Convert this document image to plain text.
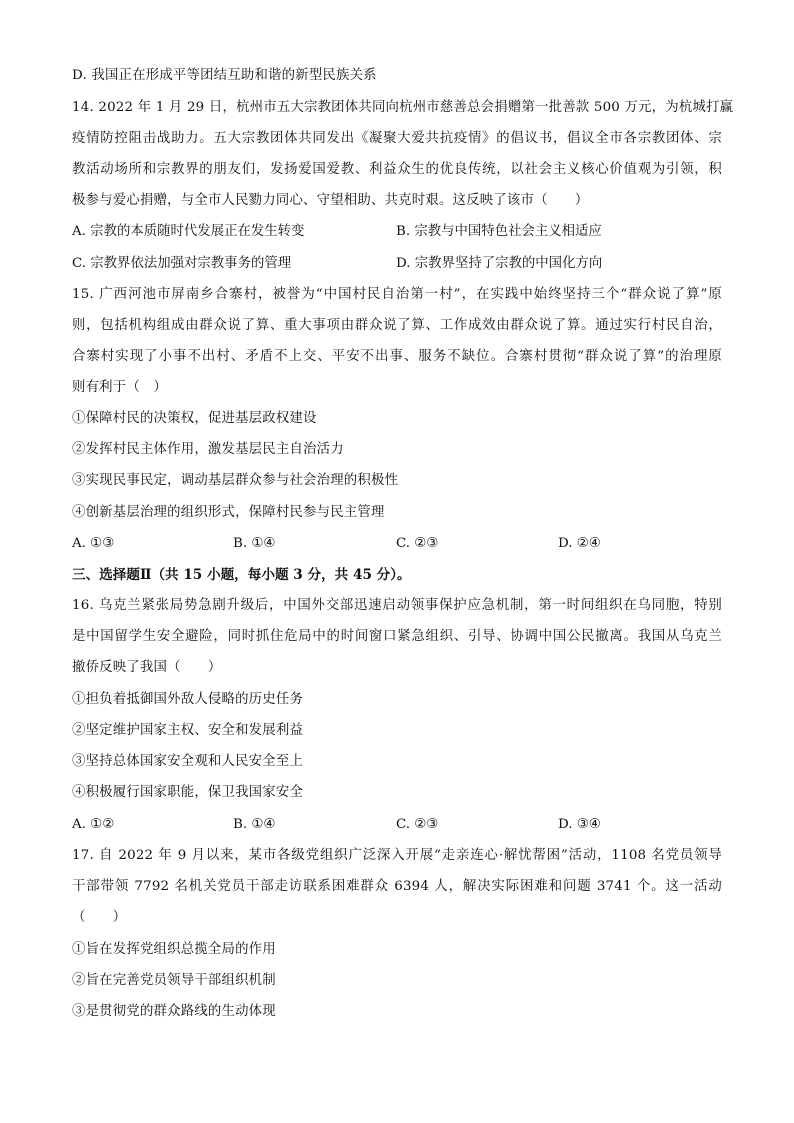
D. 我国正在形成平等团结互助和谐的新型民族关系
14. 2022 年 1 月 29 日，杭州市五大宗教团体共同向杭州市慈善总会捐赠第一批善款 500 万元，为杭城打赢
疫情防控阻击战助力。五大宗教团体共同发出《凝聚大爱共抗疫情》的倡议书，倡议全市各宗教团体、宗
教活动场所和宗教界的朋友们，发扬爱国爱教、利益众生的优良传统，以社会主义核心价值观为引领，积
极参与爱心捐赠，与全市人民勠力同心、守望相助、共克时艰。这反映了该市（　　）
A. 宗教的本质随时代发展正在发生转变	B. 宗教与中国特色社会主义相适应
C. 宗教界依法加强对宗教事务的管理	D. 宗教界坚持了宗教的中国化方向
15. 广西河池市屏南乡合寨村，被誉为“中国村民自治第一村”，在实践中始终坚持三个“群众说了算”原
则，包括机构组成由群众说了算、重大事项由群众说了算、工作成效由群众说了算。通过实行村民自治，
合寨村实现了小事不出村、矛盾不上交、平安不出事、服务不缺位。合寨村贯彻“群众说了算”的治理原
则有利于（　）
①保障村民的决策权，促进基层政权建设
②发挥村民主体作用，激发基层民主自治活力
③实现民事民定，调动基层群众参与社会治理的积极性
④创新基层治理的组织形式，保障村民参与民主管理
A. ①③	B. ①④	C. ②③	D. ②④
三、选择题Ⅱ（共 15 小题，每小题 3 分，共 45 分）。
16. 乌克兰紧张局势急剧升级后，中国外交部迅速启动领事保护应急机制，第一时间组织在乌同胞，特别
是中国留学生安全避险，同时抓住危局中的时间窗口紧急组织、引导、协调中国公民撤离。我国从乌克兰
撤侨反映了我国（　　）
①担负着抵御国外敌人侵略的历史任务
②坚定维护国家主权、安全和发展利益
③坚持总体国家安全观和人民安全至上
④积极履行国家职能，保卫我国家安全
A. ①②	B. ①④	C. ②③	D. ③④
17. 自 2022 年 9 月以来，某市各级党组织广泛深入开展“走亲连心·解忧帮困”活动，1108 名党员领导
干部带领 7792 名机关党员干部走访联系困难群众 6394 人，解决实际困难和问题 3741 个。这一活动
（　　）
①旨在发挥党组织总揽全局的作用
②旨在完善党员领导干部组织机制
③是贯彻党的群众路线的生动体现
